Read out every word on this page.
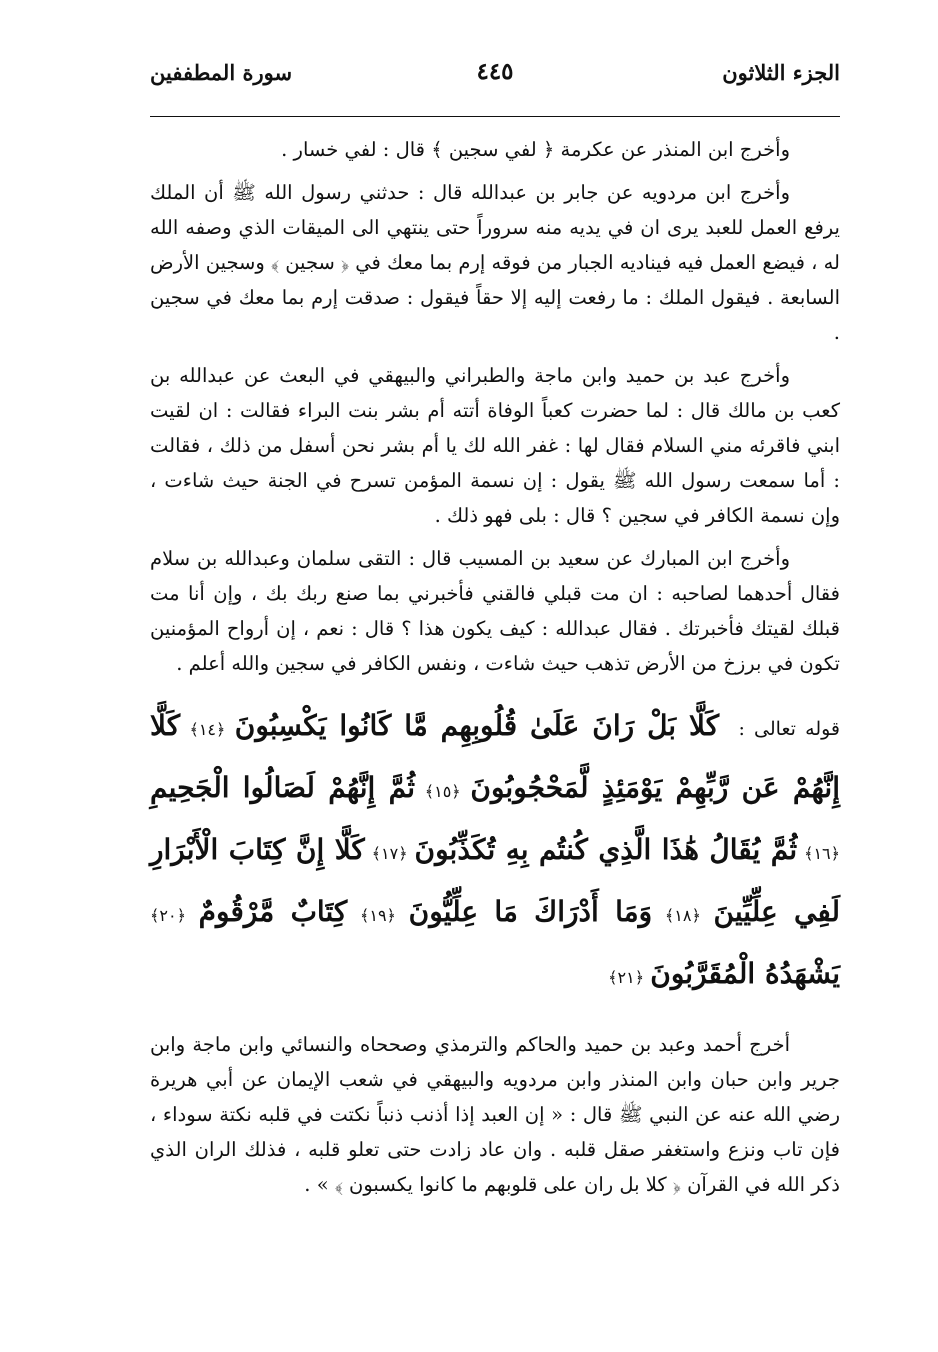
الجزء الثلاثون
٤٤٥
سورة المطففين

وأخرج ابن المنذر عن عكرمة ﴿ لفي سجين ﴾ قال : لفي خسار .

وأخرج ابن مردويه عن جابر بن عبدالله قال : حدثني رسول الله ﷺ أن الملك يرفع العمل للعبد يرى ان في يديه منه سروراً حتى ينتهي الى الميقات الذي وصفه الله له ، فيضع العمل فيه فيناديه الجبار من فوقه إرم بما معك في ﴿ سجين ﴾ وسجين الأرض السابعة . فيقول الملك : ما رفعت إليه إلا حقاً فيقول : صدقت إرم بما معك في سجين .

وأخرج عبد بن حميد وابن ماجة والطبراني والبيهقي في البعث عن عبدالله بن كعب بن مالك قال : لما حضرت كعباً الوفاة أتته أم بشر بنت البراء فقالت : ان لقيت ابني فاقرئه مني السلام فقال لها : غفر الله لك يا أم بشر نحن أسفل من ذلك ، فقالت : أما سمعت رسول الله ﷺ يقول : إن نسمة المؤمن تسرح في الجنة حيث شاءت ، وإن نسمة الكافر في سجين ؟ قال : بلى فهو ذلك .

وأخرج ابن المبارك عن سعيد بن المسيب قال : التقى سلمان وعبدالله بن سلام فقال أحدهما لصاحبه : ان مت قبلي فالقني فأخبرني بما صنع ربك بك ، وإن أنا مت قبلك لقيتك فأخبرتك . فقال عبدالله : كيف يكون هذا ؟ قال : نعم ، إن أرواح المؤمنين تكون في برزخ من الأرض تذهب حيث شاءت ، ونفس الكافر في سجين والله أعلم .

قوله تعالى : كَلَّا بَلْ رَانَ عَلَىٰ قُلُوبِهِم مَّا كَانُوا يَكْسِبُونَ ﴿١٤﴾ كَلَّا إِنَّهُمْ عَن رَّبِّهِمْ يَوْمَئِذٍ لَّمَحْجُوبُونَ ﴿١٥﴾ ثُمَّ إِنَّهُمْ لَصَالُوا الْجَحِيمِ ﴿١٦﴾ ثُمَّ يُقَالُ هَٰذَا الَّذِي كُنتُم بِهِ تُكَذِّبُونَ ﴿١٧﴾ كَلَّا إِنَّ كِتَابَ الْأَبْرَارِ لَفِي عِلِّيِّينَ ﴿١٨﴾ وَمَا أَدْرَاكَ مَا عِلِّيُّونَ ﴿١٩﴾ كِتَابٌ مَّرْقُومٌ ﴿٢٠﴾ يَشْهَدُهُ الْمُقَرَّبُونَ ﴿٢١﴾

أخرج أحمد وعبد بن حميد والحاكم والترمذي وصححاه والنسائي وابن ماجة وابن جرير وابن حبان وابن المنذر وابن مردويه والبيهقي في شعب الإيمان عن أبي هريرة رضي الله عنه عن النبي ﷺ قال : « إن العبد إذا أذنب ذنباً نكتت في قلبه نكتة سوداء ، فإن تاب ونزع واستغفر صقل قلبه . وان عاد زادت حتى تعلو قلبه ، فذلك الران الذي ذكر الله في القرآن ﴿ كلا بل ران على قلوبهم ما كانوا يكسبون ﴾ » .
